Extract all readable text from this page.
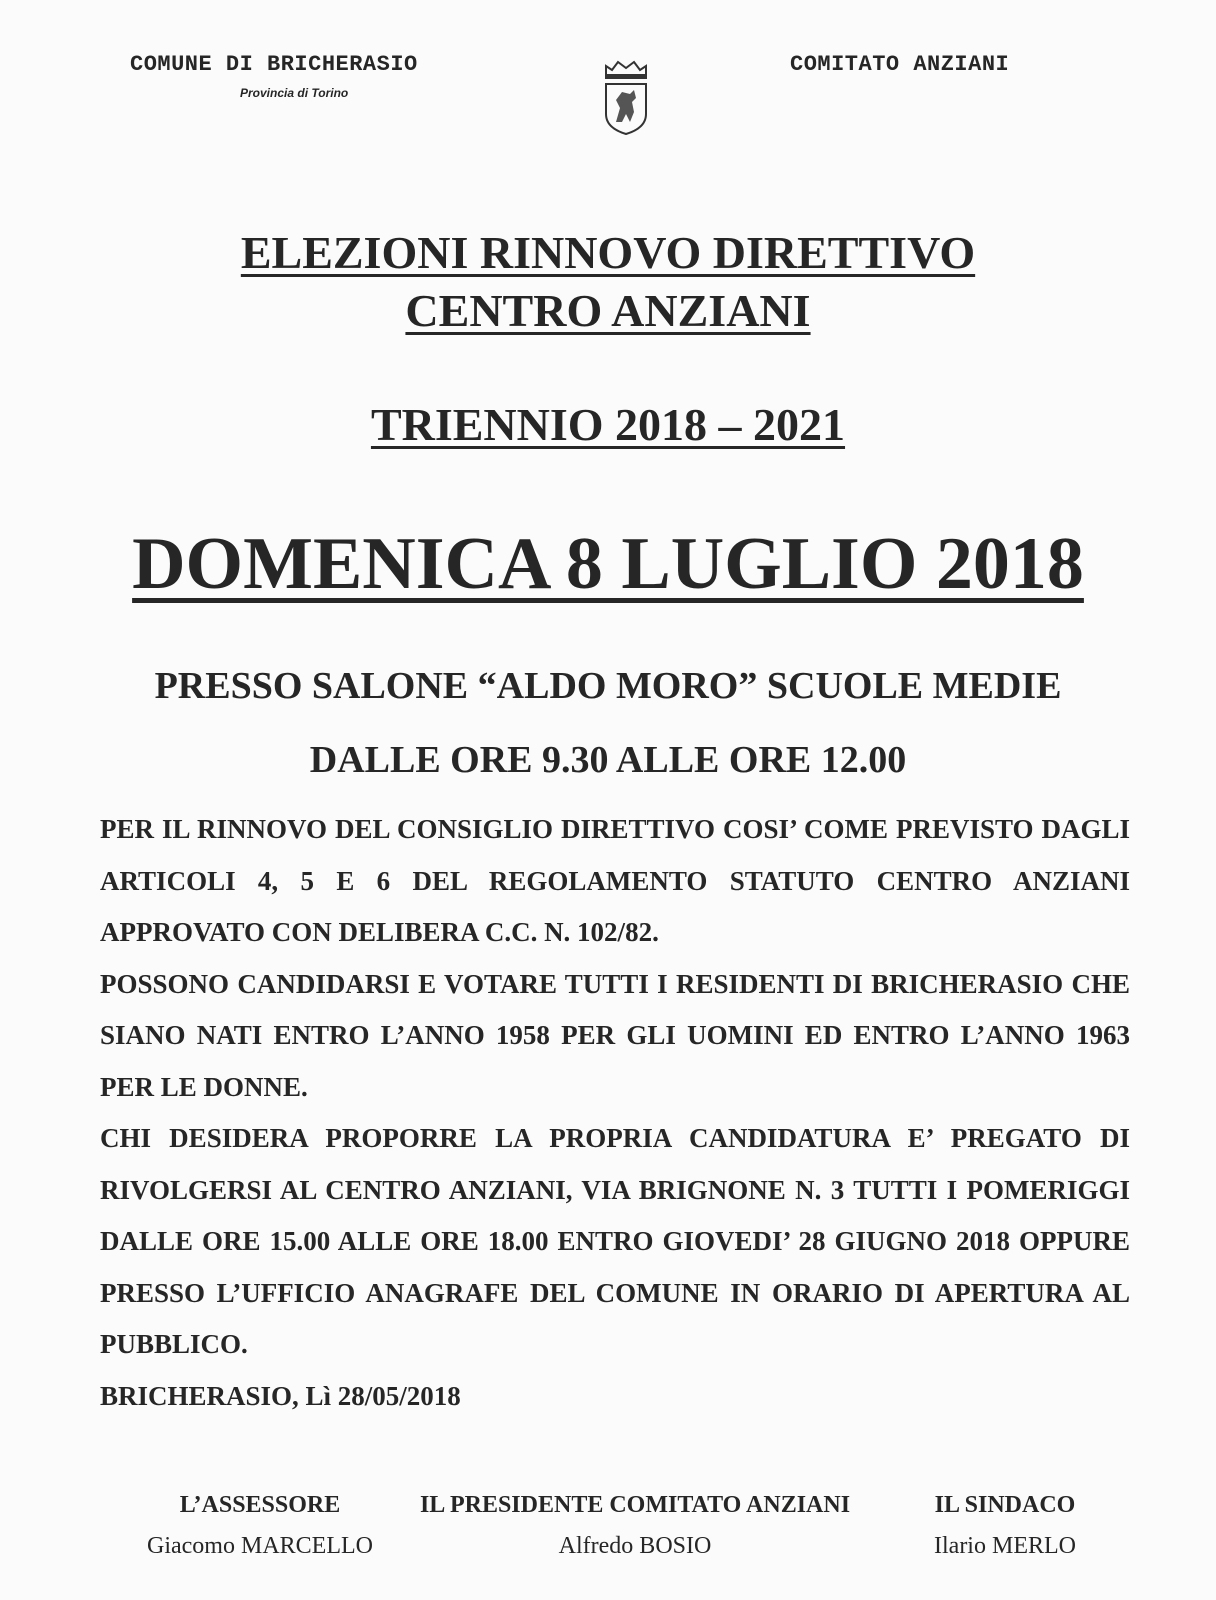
COMUNE DI BRICHERASIO
Provincia di Torino
COMITATO ANZIANI
ELEZIONI RINNOVO DIRETTIVO
CENTRO ANZIANI
TRIENNIO 2018 – 2021
DOMENICA 8 LUGLIO 2018
PRESSO SALONE “ALDO MORO” SCUOLE MEDIE
DALLE ORE 9.30 ALLE ORE 12.00

PER IL RINNOVO DEL CONSIGLIO DIRETTIVO COSI’ COME PREVISTO DAGLI ARTICOLI 4, 5 E 6 DEL REGOLAMENTO STATUTO CENTRO ANZIANI APPROVATO CON DELIBERA C.C. N. 102/82.

POSSONO CANDIDARSI E VOTARE TUTTI I RESIDENTI DI BRICHERASIO CHE SIANO NATI ENTRO L’ANNO 1958 PER GLI UOMINI ED ENTRO L’ANNO 1963 PER LE DONNE.

CHI DESIDERA PROPORRE LA PROPRIA CANDIDATURA E’ PREGATO DI RIVOLGERSI AL CENTRO ANZIANI, VIA BRIGNONE N. 3 TUTTI I POMERIGGI DALLE ORE 15.00 ALLE ORE 18.00 ENTRO GIOVEDI’ 28 GIUGNO 2018 OPPURE PRESSO L’UFFICIO ANAGRAFE DEL COMUNE IN ORARIO DI APERTURA AL PUBBLICO.

BRICHERASIO, Lì 28/05/2018

L’ASSESSORE
Giacomo MARCELLO
IL PRESIDENTE COMITATO ANZIANI
Alfredo BOSIO
IL SINDACO
Ilario MERLO
